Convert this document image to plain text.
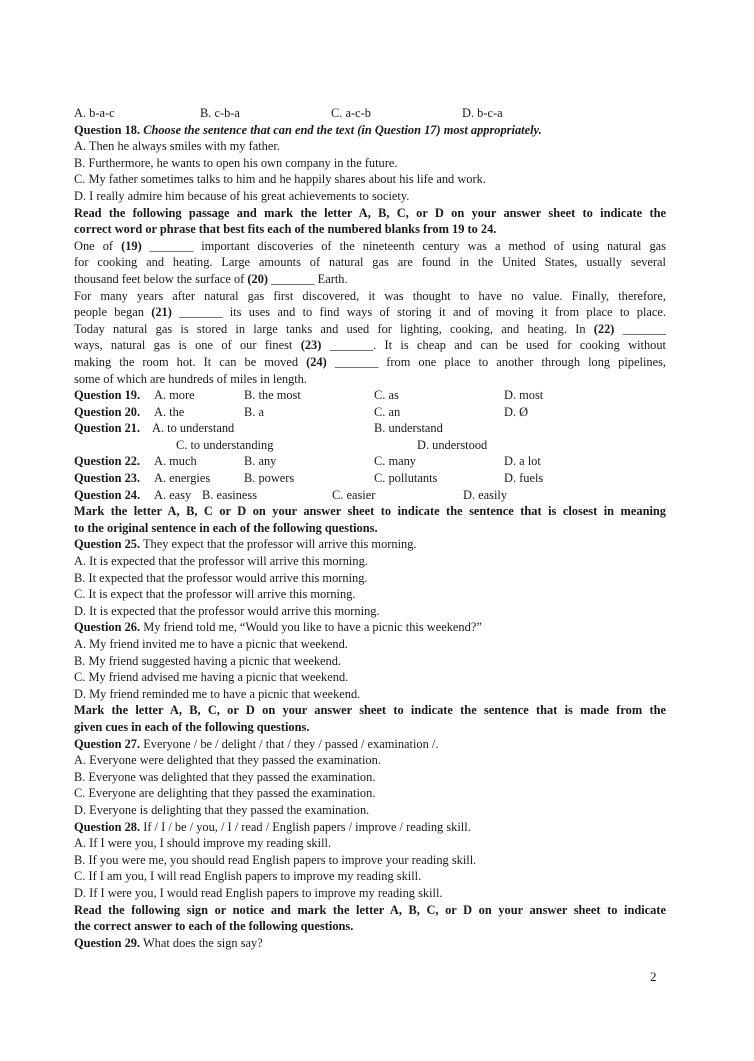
A. b-a-c	B. c-b-a	C. a-c-b	D. b-c-a
Question 18. Choose the sentence that can end the text (in Question 17) most appropriately.
A. Then he always smiles with my father.
B. Furthermore, he wants to open his own company in the future.
C. My father sometimes talks to him and he happily shares about his life and work.
D. I really admire him because of his great achievements to society.
Read the following passage and mark the letter A, B, C, or D on your answer sheet to indicate the
correct word or phrase that best fits each of the numbered blanks from 19 to 24.
One of (19) _______ important discoveries of the nineteenth century was a method of using natural gas
for cooking and heating. Large amounts of natural gas are found in the United States, usually several
thousand feet below the surface of (20) _______ Earth.
For many years after natural gas first discovered, it was thought to have no value. Finally, therefore,
people began (21) _______ its uses and to find ways of storing it and of moving it from place to place.
Today natural gas is stored in large tanks and used for lighting, cooking, and heating. In (22) _______
ways, natural gas is one of our finest (23) _______. It is cheap and can be used for cooking without
making the room hot. It can be moved (24) _______ from one place to another through long pipelines,
some of which are hundreds of miles in length.
Question 19. A. more	B. the most	C. as	D. most
Question 20. A. the	B. a	C. an	D. Ø
Question 21. A. to understand	B. understand
C. to understanding	D. understood
Question 22. A. much	B. any	C. many	D. a lot
Question 23. A. energies	B. powers	C. pollutants	D. fuels
Question 24. A. easy B. easiness	C. easier	D. easily
Mark the letter A, B, C or D on your answer sheet to indicate the sentence that is closest in meaning
to the original sentence in each of the following questions.
Question 25. They expect that the professor will arrive this morning.
A. It is expected that the professor will arrive this morning.
B. It expected that the professor would arrive this morning.
C. It is expect that the professor will arrive this morning.
D. It is expected that the professor would arrive this morning.
Question 26. My friend told me, “Would you like to have a picnic this weekend?”
A. My friend invited me to have a picnic that weekend.
B. My friend suggested having a picnic that weekend.
C. My friend advised me having a picnic that weekend.
D. My friend reminded me to have a picnic that weekend.
Mark the letter A, B, C, or D on your answer sheet to indicate the sentence that is made from the
given cues in each of the following questions.
Question 27. Everyone / be / delight / that / they / passed / examination /.
A. Everyone were delighted that they passed the examination.
B. Everyone was delighted that they passed the examination.
C. Everyone are delighting that they passed the examination.
D. Everyone is delighting that they passed the examination.
Question 28. If / I / be / you, / I / read / English papers / improve / reading skill.
A. If I were you, I should improve my reading skill.
B. If you were me, you should read English papers to improve your reading skill.
C. If I am you, I will read English papers to improve my reading skill.
D. If I were you, I would read English papers to improve my reading skill.
Read the following sign or notice and mark the letter A, B, C, or D on your answer sheet to indicate
the correct answer to each of the following questions.
Question 29. What does the sign say?
2
